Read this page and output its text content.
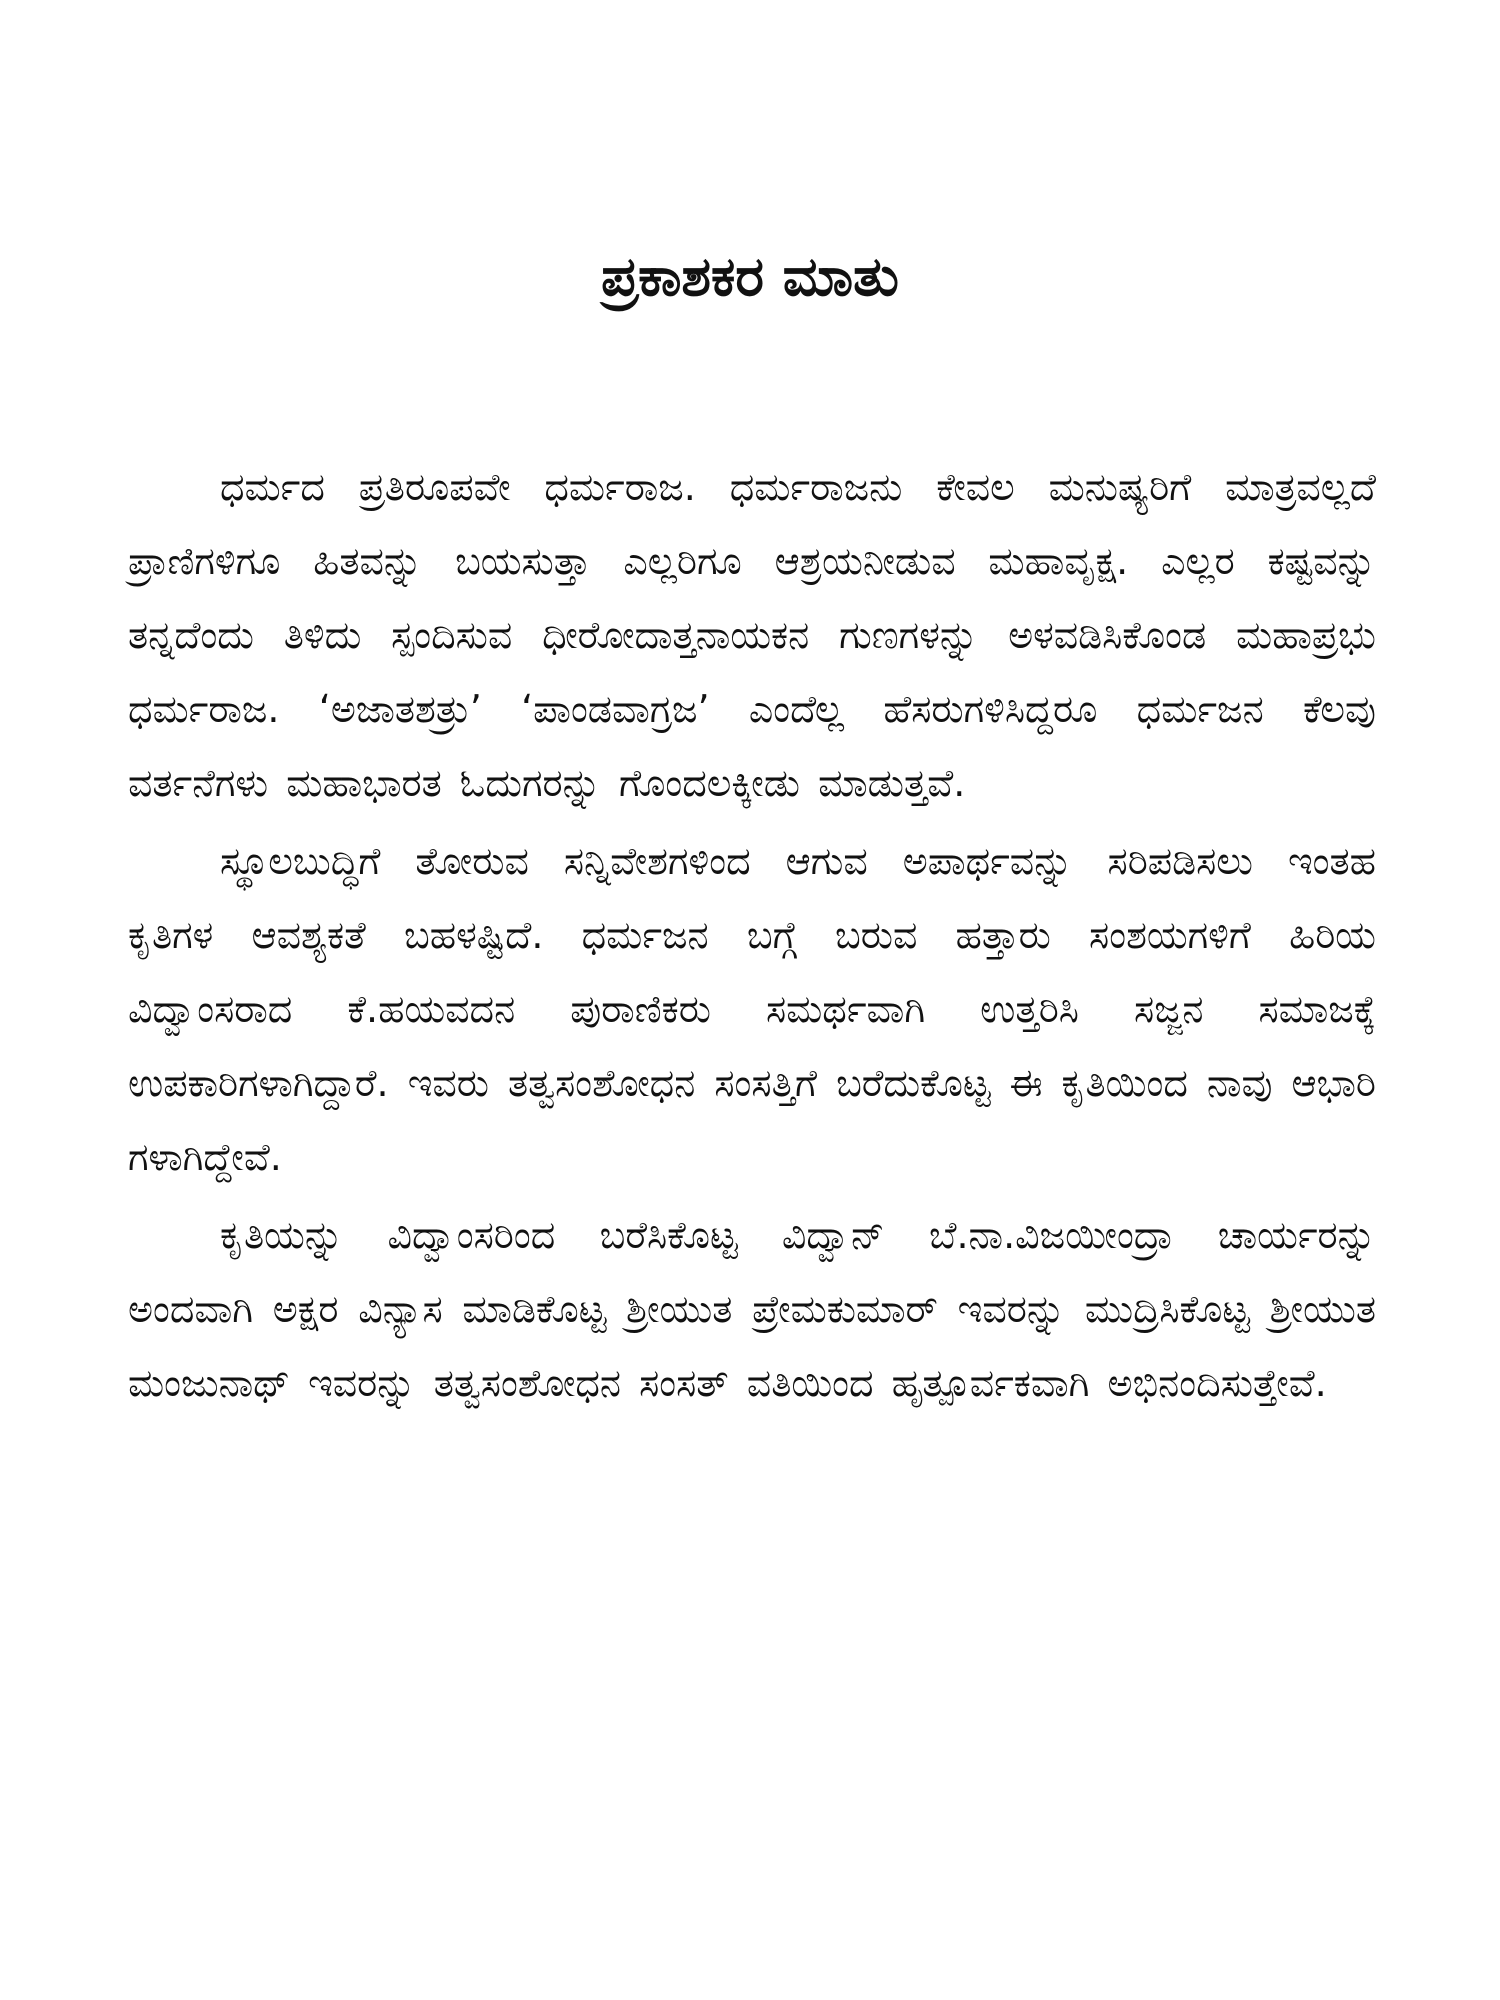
ಪ್ರಕಾಶಕರ ಮಾತು

ಧರ್ಮದ ಪ್ರತಿರೂಪವೇ ಧರ್ಮರಾಜ. ಧರ್ಮರಾಜನು ಕೇವಲ ಮನುಷ್ಯರಿಗೆ ಮಾತ್ರವಲ್ಲದೆ ಪ್ರಾಣಿಗಳಿಗೂ ಹಿತವನ್ನು ಬಯಸುತ್ತಾ ಎಲ್ಲರಿಗೂ ಆಶ್ರಯನೀಡುವ ಮಹಾವೃಕ್ಷ. ಎಲ್ಲರ ಕಷ್ಟವನ್ನು ತನ್ನದೆಂದು ತಿಳಿದು ಸ್ಪಂದಿಸುವ ಧೀರೋದಾತ್ತನಾಯಕನ ಗುಣಗಳನ್ನು ಅಳವಡಿಸಿಕೊಂಡ ಮಹಾಪ್ರಭು ಧರ್ಮರಾಜ. ‘ಅಜಾತಶತ್ರು’ ‘ಪಾಂಡವಾಗ್ರಜ’ ಎಂದೆಲ್ಲ ಹೆಸರುಗಳಿಸಿದ್ದರೂ ಧರ್ಮಜನ ಕೆಲವು ವರ್ತನೆಗಳು ಮಹಾಭಾರತ ಓದುಗರನ್ನು ಗೊಂದಲಕ್ಕೀಡು ಮಾಡುತ್ತವೆ.

ಸ್ಥೂಲಬುದ್ಧಿಗೆ ತೋರುವ ಸನ್ನಿವೇಶಗಳಿಂದ ಆಗುವ ಅಪಾರ್ಥವನ್ನು ಸರಿಪಡಿಸಲು ಇಂತಹ ಕೃತಿಗಳ ಆವಶ್ಯಕತೆ ಬಹಳಷ್ಟಿದೆ. ಧರ್ಮಜನ ಬಗ್ಗೆ ಬರುವ ಹತ್ತಾರು ಸಂಶಯಗಳಿಗೆ ಹಿರಿಯ ವಿದ್ವಾಂಸರಾದ ಕೆ.ಹಯವದನ ಪುರಾಣಿಕರು ಸಮರ್ಥವಾಗಿ ಉತ್ತರಿಸಿ ಸಜ್ಜನ ಸಮಾಜಕ್ಕೆ ಉಪಕಾರಿಗಳಾಗಿದ್ದಾರೆ. ಇವರು ತತ್ವಸಂಶೋಧನ ಸಂಸತ್ತಿಗೆ ಬರೆದುಕೊಟ್ಟ ಈ ಕೃತಿಯಿಂದ ನಾವು ಆಭಾರಿ ಗಳಾಗಿದ್ದೇವೆ.

ಕೃತಿಯನ್ನು ವಿದ್ವಾಂಸರಿಂದ ಬರೆಸಿಕೊಟ್ಟ ವಿದ್ವಾನ್ ಬೆ.ನಾ.ವಿಜಯೀಂದ್ರಾ ಚಾರ್ಯರನ್ನು ಅಂದವಾಗಿ ಅಕ್ಷರ ವಿನ್ಯಾಸ ಮಾಡಿಕೊಟ್ಟ ಶ್ರೀಯುತ ಪ್ರೇಮಕುಮಾರ್ ಇವರನ್ನು ಮುದ್ರಿಸಿಕೊಟ್ಟ ಶ್ರೀಯುತ ಮಂಜುನಾಥ್ ಇವರನ್ನು ತತ್ವಸಂಶೋಧನ ಸಂಸತ್ ವತಿಯಿಂದ ಹೃತ್ಪೂರ್ವಕವಾಗಿ ಅಭಿನಂದಿಸುತ್ತೇವೆ.
